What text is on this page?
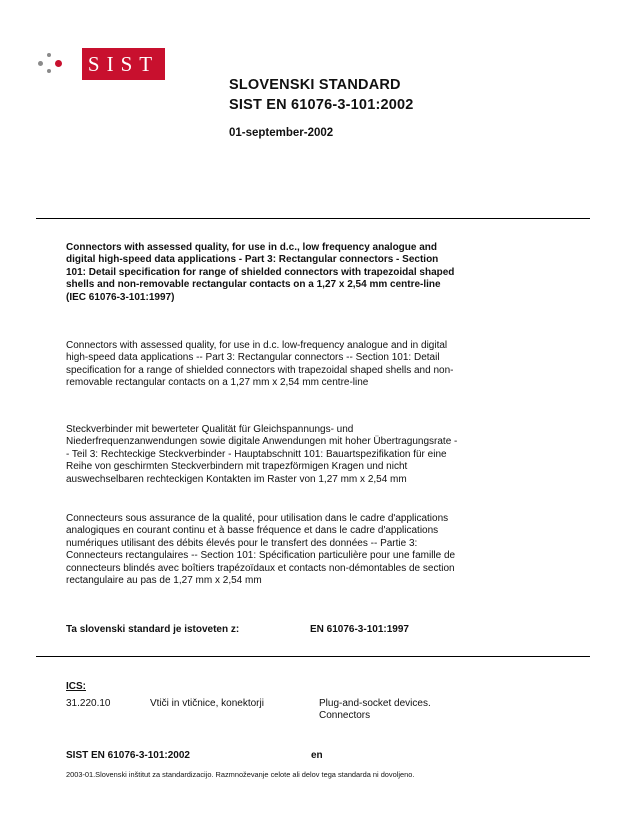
SIST
SLOVENSKI STANDARD
SIST EN 61076-3-101:2002
01-september-2002
Connectors with assessed quality, for use in d.c., low frequency analogue and
digital high-speed data applications - Part 3: Rectangular connectors - Section
101: Detail specification for range of shielded connectors with trapezoidal shaped
shells and non-removable rectangular contacts on a 1,27 x 2,54 mm centre-line
(IEC 61076-3-101:1997)
Connectors with assessed quality, for use in d.c. low-frequency analogue and in digital
high-speed data applications -- Part 3: Rectangular connectors -- Section 101: Detail
specification for a range of shielded connectors with trapezoidal shaped shells and non-
removable rectangular contacts on a 1,27 mm x 2,54 mm centre-line
Steckverbinder mit bewerteter Qualität für Gleichspannungs- und
Niederfrequenzanwendungen sowie digitale Anwendungen mit hoher Übertragungsrate -
- Teil 3: Rechteckige Steckverbinder - Hauptabschnitt 101: Bauartspezifikation für eine
Reihe von geschirmten Steckverbindern mit trapezförmigen Kragen und nicht
auswechselbaren rechteckigen Kontakten im Raster von 1,27 mm x 2,54 mm
Connecteurs sous assurance de la qualité, pour utilisation dans le cadre d'applications
analogiques en courant continu et à basse fréquence et dans le cadre d'applications
numériques utilisant des débits élevés pour le transfert des données -- Partie 3:
Connecteurs rectangulaires -- Section 101: Spécification particulière pour une famille de
connecteurs blindés avec boîtiers trapézoïdaux et contacts non-démontables de section
rectangulaire au pas de 1,27 mm x 2,54 mm
Ta slovenski standard je istoveten z:	EN 61076-3-101:1997
ICS:
31.220.10	Vtiči in vtičnice, konektorji	Plug-and-socket devices.
Connectors
SIST EN 61076-3-101:2002	en
2003-01.Slovenski inštitut za standardizacijo. Razmnoževanje celote ali delov tega standarda ni dovoljeno.
